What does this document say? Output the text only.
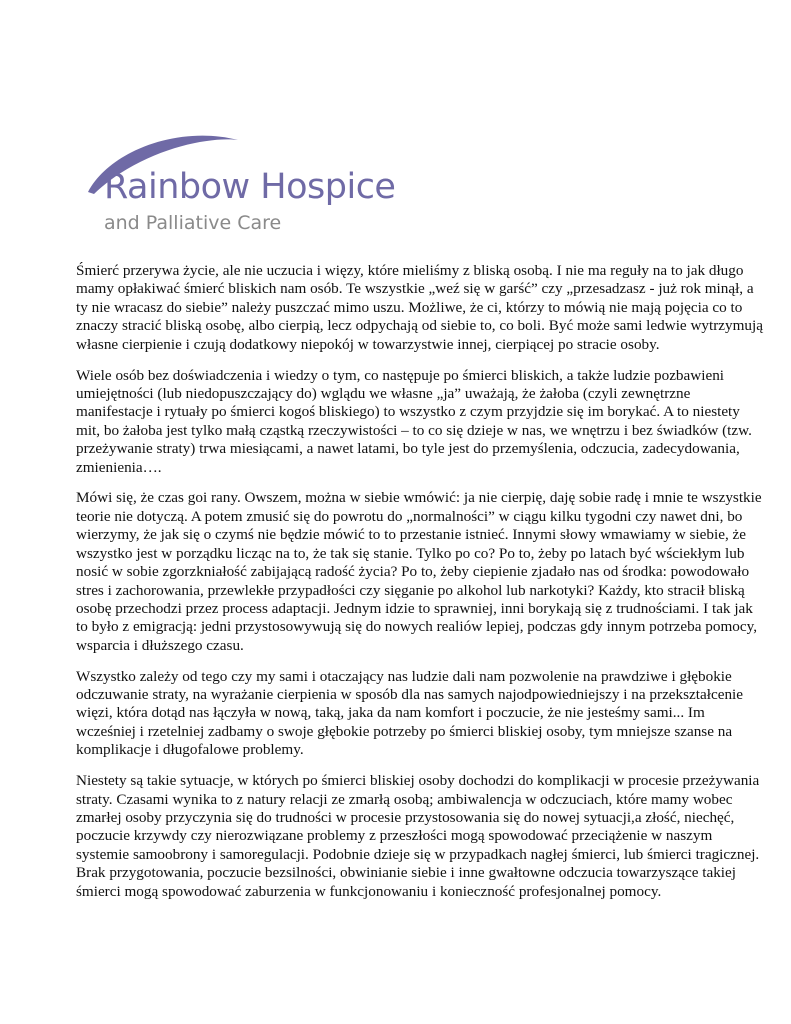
Rainbow Hospice
and Palliative Care

Śmierć przerywa życie, ale nie uczucia i więzy, które mieliśmy z bliską osobą. I nie ma reguły na to jak długo mamy opłakiwać śmierć bliskich nam osób. Te wszystkie „weź się w garść” czy „przesadzasz - już rok minął, a ty nie wracasz do siebie” należy puszczać mimo uszu. Możliwe, że ci, którzy to mówią nie mają pojęcia co to znaczy stracić bliską osobę, albo cierpią, lecz odpychają od siebie to, co boli. Być może sami ledwie wytrzymują własne cierpienie i czują dodatkowy niepokój w towarzystwie innej, cierpiącej po stracie osoby.

Wiele osób bez doświadczenia i wiedzy o tym, co następuje po śmierci bliskich, a także ludzie pozbawieni umiejętności (lub niedopuszczający do) wglądu we własne „ja” uważają, że żałoba (czyli zewnętrzne manifestacje i rytuały po śmierci kogoś bliskiego) to wszystko z czym przyjdzie się im borykać. A to niestety mit, bo żałoba jest tylko małą cząstką rzeczywistości – to co się dzieje w nas, we wnętrzu i bez świadków (tzw. przeżywanie straty) trwa miesiącami, a nawet latami, bo tyle jest do przemyślenia, odczucia, zadecydowania, zmienienia….

Mówi się, że czas goi rany. Owszem, można w siebie wmówić: ja nie cierpię, daję sobie radę i mnie te wszystkie teorie nie dotyczą. A potem zmusić się do powrotu do „normalności” w ciągu kilku tygodni czy nawet dni, bo wierzymy, że jak się o czymś nie będzie mówić to to przestanie istnieć. Innymi słowy wmawiamy w siebie, że wszystko jest w porządku licząc na to, że tak się stanie. Tylko po co? Po to, żeby po latach być wściekłym lub nosić w sobie zgorzkniałość zabijającą radość życia? Po to, żeby ciepienie zjadało nas od środka: powodowało stres i zachorowania, przewlekłe przypadłości czy sięganie po alkohol lub narkotyki? Każdy, kto stracił bliską osobę przechodzi przez process adaptacji. Jednym idzie to sprawniej, inni borykają się z trudnościami. I tak jak to było z emigracją: jedni przystosowywują się do nowych realiów lepiej, podczas gdy innym potrzeba pomocy, wsparcia i dłuższego czasu.

Wszystko zależy od tego czy my sami i otaczający nas ludzie dali nam pozwolenie na prawdziwe i głębokie odczuwanie straty, na wyrażanie cierpienia w sposób dla nas samych najodpowiedniejszy i na przekształcenie więzi, która dotąd nas łączyła w nową, taką, jaka da nam komfort i poczucie, że nie jesteśmy sami... Im wcześniej i rzetelniej zadbamy o swoje głębokie potrzeby po śmierci bliskiej osoby, tym mniejsze szanse na komplikacje i długofalowe problemy.

Niestety są takie sytuacje, w których po śmierci bliskiej osoby dochodzi do komplikacji w procesie przeżywania straty. Czasami wynika to z natury relacji ze zmarłą osobą; ambiwalencja w odczuciach, które mamy wobec zmarłej osoby przyczynia się do trudności w procesie przystosowania się do nowej sytuacji,a złość, niechęć, poczucie krzywdy czy nierozwiązane problemy z przeszłości mogą spowodować przeciążenie w naszym systemie samoobrony i samoregulacji. Podobnie dzieje się w przypadkach nagłej śmierci, lub śmierci tragicznej. Brak przygotowania, poczucie bezsilności, obwinianie siebie i inne gwałtowne odczucia towarzyszące takiej śmierci mogą spowodować zaburzenia w funkcjonowaniu i konieczność profesjonalnej pomocy.
